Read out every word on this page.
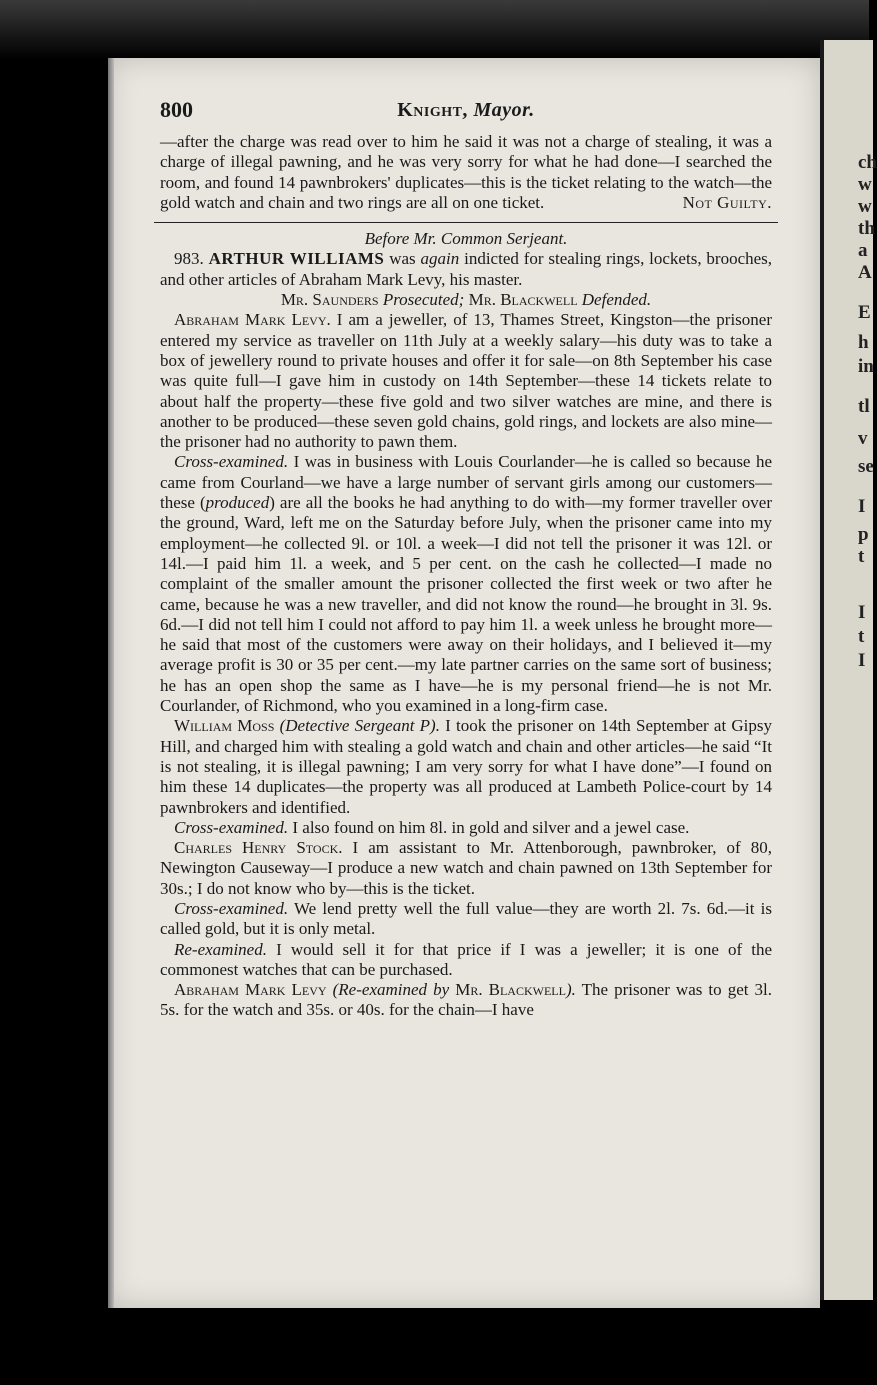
ch
w
w
th
a
A
E
h
in
tl
v
se
I
p
t
I
t
I
800	Knight, Mayor.

—after the charge was read over to him he said it was not a charge of stealing, it was a charge of illegal pawning, and he was very sorry for what he had done—I searched the room, and found 14 pawnbrokers' duplicates—this is the ticket relating to the watch—the gold watch and chain and two rings are all on one ticket.	Not Guilty.

Before Mr. Common Serjeant.

983. ARTHUR WILLIAMS was again indicted for stealing rings, lockets, brooches, and other articles of Abraham Mark Levy, his master.

Mr. Saunders Prosecuted; Mr. Blackwell Defended.

Abraham Mark Levy. I am a jeweller, of 13, Thames Street, Kingston—the prisoner entered my service as traveller on 11th July at a weekly salary—his duty was to take a box of jewellery round to private houses and offer it for sale—on 8th September his case was quite full—I gave him in custody on 14th September—these 14 tickets relate to about half the property—these five gold and two silver watches are mine, and there is another to be produced—these seven gold chains, gold rings, and lockets are also mine—the prisoner had no authority to pawn them.

Cross-examined. I was in business with Louis Courlander—he is called so because he came from Courland—we have a large number of servant girls among our customers—these (produced) are all the books he had anything to do with—my former traveller over the ground, Ward, left me on the Saturday before July, when the prisoner came into my employment—he collected 9l. or 10l. a week—I did not tell the prisoner it was 12l. or 14l.—I paid him 1l. a week, and 5 per cent. on the cash he collected—I made no complaint of the smaller amount the prisoner collected the first week or two after he came, because he was a new traveller, and did not know the round—he brought in 3l. 9s. 6d.—I did not tell him I could not afford to pay him 1l. a week unless he brought more—he said that most of the customers were away on their holidays, and I believed it—my average profit is 30 or 35 per cent.—my late partner carries on the same sort of business; he has an open shop the same as I have—he is my personal friend—he is not Mr. Courlander, of Richmond, who you examined in a long-firm case.

William Moss (Detective Sergeant P). I took the prisoner on 14th September at Gipsy Hill, and charged him with stealing a gold watch and chain and other articles—he said “It is not stealing, it is illegal pawning; I am very sorry for what I have done”—I found on him these 14 duplicates—the property was all produced at Lambeth Police-court by 14 pawnbrokers and identified.

Cross-examined. I also found on him 8l. in gold and silver and a jewel case.

Charles Henry Stock. I am assistant to Mr. Attenborough, pawnbroker, of 80, Newington Causeway—I produce a new watch and chain pawned on 13th September for 30s.; I do not know who by—this is the ticket.

Cross-examined. We lend pretty well the full value—they are worth 2l. 7s. 6d.—it is called gold, but it is only metal.

Re-examined. I would sell it for that price if I was a jeweller; it is one of the commonest watches that can be purchased.

Abraham Mark Levy (Re-examined by Mr. Blackwell). The prisoner was to get 3l. 5s. for the watch and 35s. or 40s. for the chain—I have
